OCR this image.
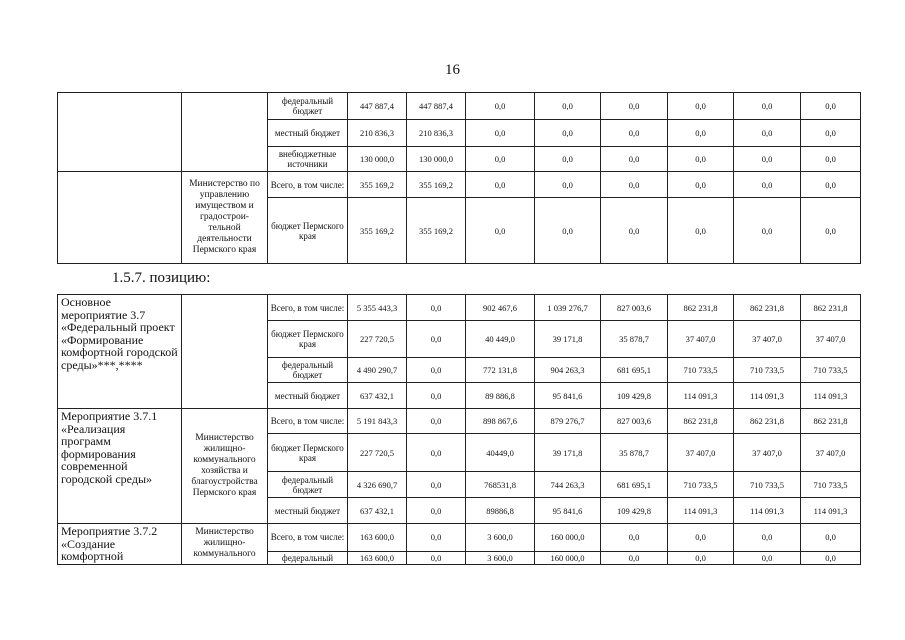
16
		федеральный бюджет	447 887,4	447 887,4	0,0	0,0	0,0	0,0	0,0	0,0
		местный бюджет	210 836,3	210 836,3	0,0	0,0	0,0	0,0	0,0	0,0
		внебюджетные источники	130 000,0	130 000,0	0,0	0,0	0,0	0,0	0,0	0,0
	Министерство по управлению имуществом и градострои-тельной деятельности Пермского края	Всего, в том числе:	355 169,2	355 169,2	0,0	0,0	0,0	0,0	0,0	0,0
		бюджет Пермского края	355 169,2	355 169,2	0,0	0,0	0,0	0,0	0,0	0,0
1.5.7. позицию:
Основное мероприятие 3.7 «Федеральный проект «Формирование комфортной городской среды»***,****		Всего, в том числе:	5 355 443,3	0,0	902 467,6	1 039 276,7	827 003,6	862 231,8	862 231,8	862 231,8
		бюджет Пермского края	227 720,5	0,0	40 449,0	39 171,8	35 878,7	37 407,0	37 407,0	37 407,0
		федеральный бюджет	4 490 290,7	0,0	772 131,8	904 263,3	681 695,1	710 733,5	710 733,5	710 733,5
		местный бюджет	637 432,1	0,0	89 886,8	95 841,6	109 429,8	114 091,3	114 091,3	114 091,3
Мероприятие 3.7.1 «Реализация программ формирования современной городской среды»	Министерство жилищно-коммунального хозяйства и благоустройства Пермского края	Всего, в том числе:	5 191 843,3	0,0	898 867,6	879 276,7	827 003,6	862 231,8	862 231,8	862 231,8
		бюджет Пермского края	227 720,5	0,0	40449,0	39 171,8	35 878,7	37 407,0	37 407,0	37 407,0
		федеральный бюджет	4 326 690,7	0,0	768531,8	744 263,3	681 695,1	710 733,5	710 733,5	710 733,5
		местный бюджет	637 432,1	0,0	89886,8	95 841,6	109 429,8	114 091,3	114 091,3	114 091,3
Мероприятие 3.7.2 «Создание комфортной	Министерство жилищно-коммунального	Всего, в том числе:	163 600,0	0,0	3 600,0	160 000,0	0,0	0,0	0,0	0,0
		федеральный	163 600,0	0,0	3 600,0	160 000,0	0,0	0,0	0,0	0,0
